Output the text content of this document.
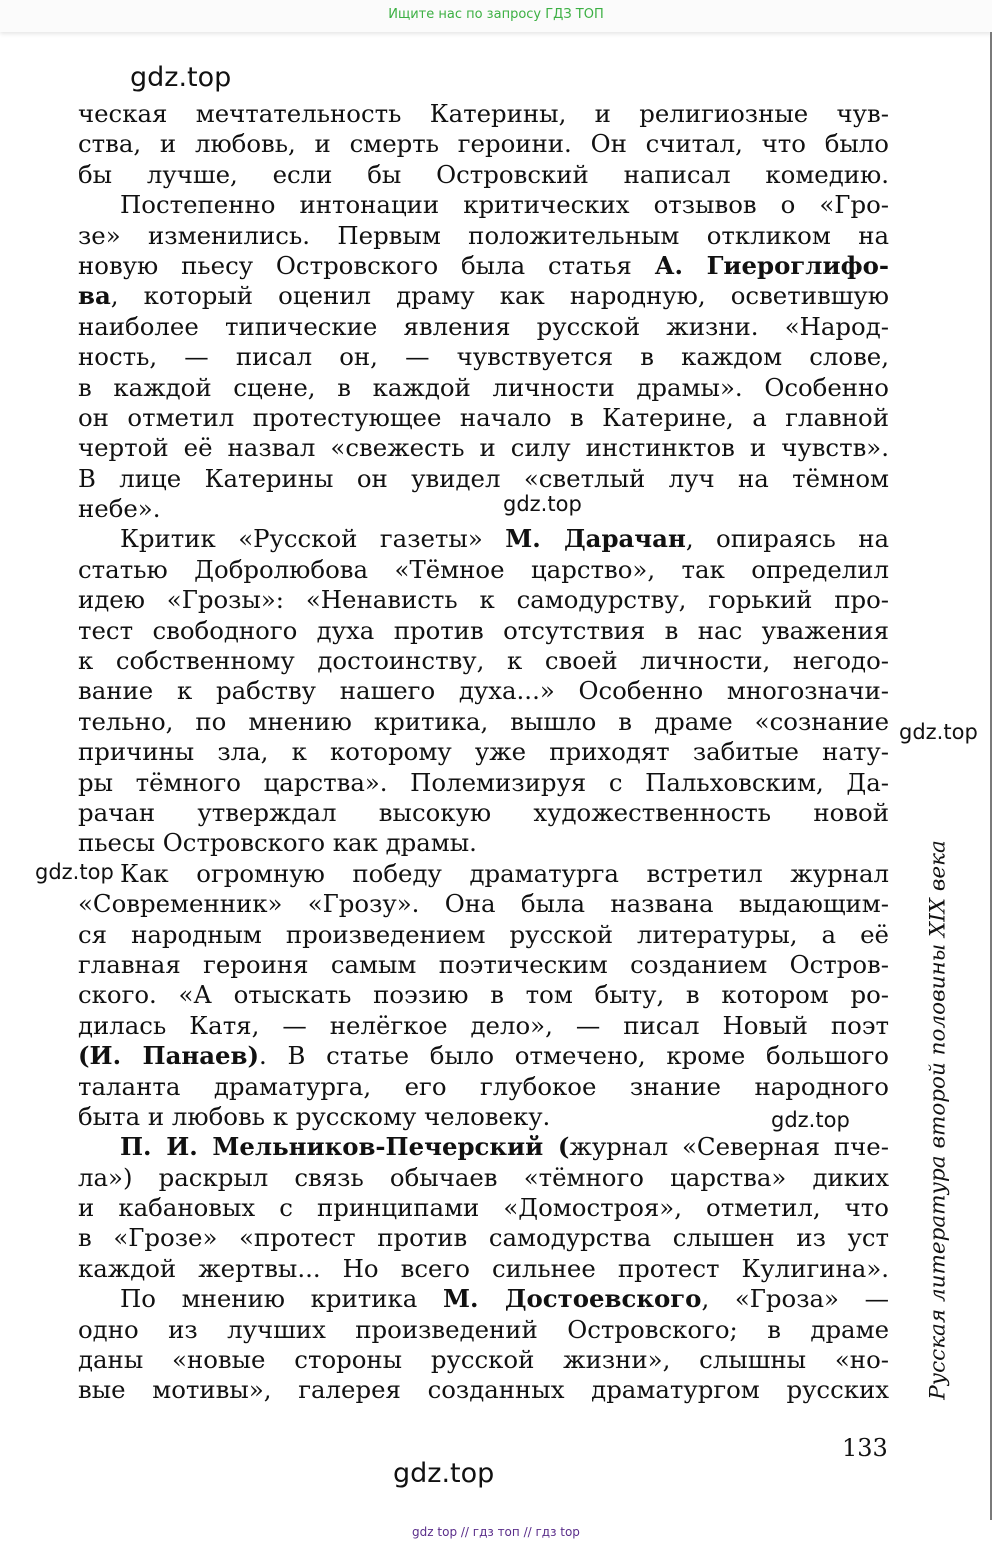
Ищите нас по запросу ГДЗ ТОП
gdz.top
gdz.top
gdz.top
gdz.top
gdz.top
gdz.top
ческая мечтательность Катерины, и религиозные чув-
ства, и любовь, и смерть героини. Он считал, что было
бы лучше, если бы Островский написал комедию.
Постепенно интонации критических отзывов о «Гро-
зе» изменились. Первым положительным откликом на
новую пьесу Островского была статья А. Гиероглифо-
ва, который оценил драму как народную, осветившую
наиболее типические явления русской жизни. «Народ-
ность, — писал он, — чувствуется в каждом слове,
в каждой сцене, в каждой личности драмы». Особенно
он отметил протестующее начало в Катерине, а главной
чертой её назвал «свежесть и силу инстинктов и чувств».
В лице Катерины он увидел «светлый луч на тёмном
небе».
Критик «Русской газеты» М. Дарачан, опираясь на
статью Добролюбова «Тёмное царство», так определил
идею «Грозы»: «Ненависть к самодурству, горький про-
тест свободного духа против отсутствия в нас уважения
к собственному достоинству, к своей личности, негодо-
вание к рабству нашего духа...» Особенно многозначи-
тельно, по мнению критика, вышло в драме «сознание
причины зла, к которому уже приходят забитые нату-
ры тёмного царства». Полемизируя с Пальховским, Да-
рачан утверждал высокую художественность новой
пьесы Островского как драмы.
Как огромную победу драматурга встретил журнал
«Современник» «Грозу». Она была названа выдающим-
ся народным произведением русской литературы, а её
главная героиня самым поэтическим созданием Остров-
ского. «А отыскать поэзию в том быту, в котором ро-
дилась Катя, — нелёгкое дело», — писал Новый поэт
(И. Панаев). В статье было отмечено, кроме большого
таланта драматурга, его глубокое знание народного
быта и любовь к русскому человеку.
П. И. Мельников-Печерский (журнал «Северная пче-
ла») раскрыл связь обычаев «тёмного царства» диких
и кабановых с принципами «Домостроя», отметил, что
в «Грозе» «протест против самодурства слышен из уст
каждой жертвы... Но всего сильнее протест Кулигина».
По мнению критика М. Достоевского, «Гроза» —
одно из лучших произведений Островского; в драме
даны «новые стороны русской жизни», слышны «но-
вые мотивы», галерея созданных драматургом русских Русская литература второй половины XIX века
133
gdz top // гдз топ // гдз top
